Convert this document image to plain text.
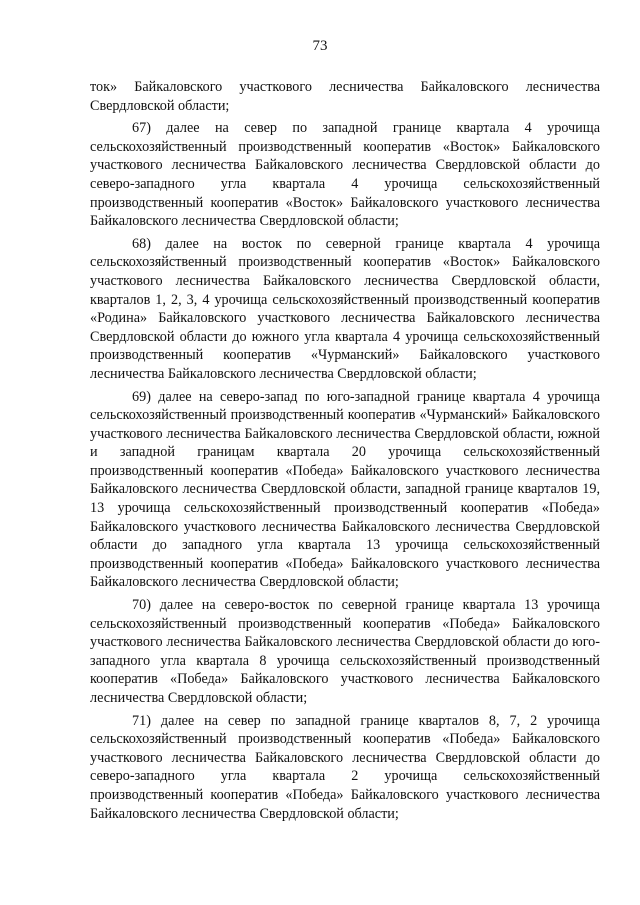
73

ток» Байкаловского участкового лесничества Байкаловского лесничества Свердловской области;

67) далее на север по западной границе квартала 4 урочища сельскохозяйственный производственный кооператив «Восток» Байкаловского участкового лесничества Байкаловского лесничества Свердловской области до северо-западного угла квартала 4 урочища сельскохозяйственный производственный кооператив «Восток» Байкаловского участкового лесничества Байкаловского лесничества Свердловской области;

68) далее на восток по северной границе квартала 4 урочища сельскохозяйственный производственный кооператив «Восток» Байкаловского участкового лесничества Байкаловского лесничества Свердловской области, кварталов 1, 2, 3, 4 урочища сельскохозяйственный производственный кооператив «Родина» Байкаловского участкового лесничества Байкаловского лесничества Свердловской области до южного угла квартала 4 урочища сельскохозяйственный производственный кооператив «Чурманский» Байкаловского участкового лесничества Байкаловского лесничества Свердловской области;

69) далее на северо-запад по юго-западной границе квартала 4 урочища сельскохозяйственный производственный кооператив «Чурманский» Байкаловского участкового лесничества Байкаловского лесничества Свердловской области, южной и западной границам квартала 20 урочища сельскохозяйственный производственный кооператив «Победа» Байкаловского участкового лесничества Байкаловского лесничества Свердловской области, западной границе кварталов 19, 13 урочища сельскохозяйственный производственный кооператив «Победа» Байкаловского участкового лесничества Байкаловского лесничества Свердловской области до западного угла квартала 13 урочища сельскохозяйственный производственный кооператив «Победа» Байкаловского участкового лесничества Байкаловского лесничества Свердловской области;

70) далее на северо-восток по северной границе квартала 13 урочища сельскохозяйственный производственный кооператив «Победа» Байкаловского участкового лесничества Байкаловского лесничества Свердловской области до юго-западного угла квартала 8 урочища сельскохозяйственный производственный кооператив «Победа» Байкаловского участкового лесничества Байкаловского лесничества Свердловской области;

71) далее на север по западной границе кварталов 8, 7, 2 урочища сельскохозяйственный производственный кооператив «Победа» Байкаловского участкового лесничества Байкаловского лесничества Свердловской области до северо-западного угла квартала 2 урочища сельскохозяйственный производственный кооператив «Победа» Байкаловского участкового лесничества Байкаловского лесничества Свердловской области;
